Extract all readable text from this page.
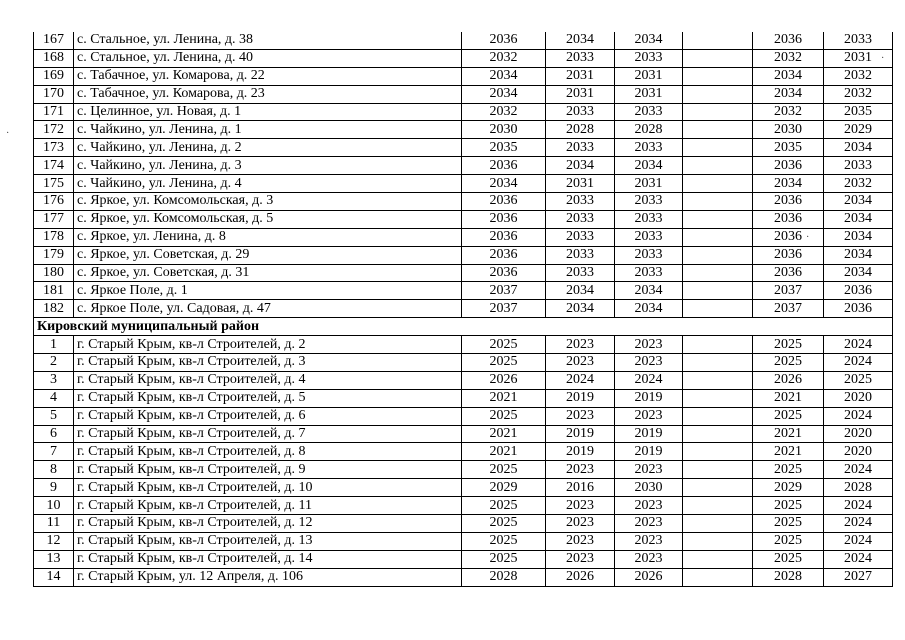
167	с. Стальное, ул. Ленина, д. 38	2036	2034	2034		2036	2033
168	с. Стальное, ул. Ленина, д. 40	2032	2033	2033		2032	2031
169	с. Табачное, ул. Комарова, д. 22	2034	2031	2031		2034	2032
170	с. Табачное, ул. Комарова, д. 23	2034	2031	2031		2034	2032
171	с. Целинное, ул. Новая, д. 1	2032	2033	2033		2032	2035
172	с. Чайкино, ул. Ленина, д. 1	2030	2028	2028		2030	2029
173	с. Чайкино, ул. Ленина, д. 2	2035	2033	2033		2035	2034
174	с. Чайкино, ул. Ленина, д. 3	2036	2034	2034		2036	2033
175	с. Чайкино, ул. Ленина, д. 4	2034	2031	2031		2034	2032
176	с. Яркое, ул. Комсомольская, д. 3	2036	2033	2033		2036	2034
177	с. Яркое, ул. Комсомольская, д. 5	2036	2033	2033		2036	2034
178	с. Яркое, ул. Ленина, д. 8	2036	2033	2033		2036	2034
179	с. Яркое, ул. Советская, д. 29	2036	2033	2033		2036	2034
180	с. Яркое, ул. Советская, д. 31	2036	2033	2033		2036	2034
181	с. Яркое Поле, д. 1	2037	2034	2034		2037	2036
182	с. Яркое Поле, ул. Садовая, д. 47	2037	2034	2034		2037	2036
Кировский муниципальный район							
1	г. Старый Крым, кв-л Строителей, д. 2	2025	2023	2023		2025	2024
2	г. Старый Крым, кв-л Строителей, д. 3	2025	2023	2023		2025	2024
3	г. Старый Крым, кв-л Строителей, д. 4	2026	2024	2024		2026	2025
4	г. Старый Крым, кв-л Строителей, д. 5	2021	2019	2019		2021	2020
5	г. Старый Крым, кв-л Строителей, д. 6	2025	2023	2023		2025	2024
6	г. Старый Крым, кв-л Строителей, д. 7	2021	2019	2019		2021	2020
7	г. Старый Крым, кв-л Строителей, д. 8	2021	2019	2019		2021	2020
8	г. Старый Крым, кв-л Строителей, д. 9	2025	2023	2023		2025	2024
9	г. Старый Крым, кв-л Строителей, д. 10	2029	2016	2030		2029	2028
10	г. Старый Крым, кв-л Строителей, д. 11	2025	2023	2023		2025	2024
11	г. Старый Крым, кв-л Строителей, д. 12	2025	2023	2023		2025	2024
12	г. Старый Крым, кв-л Строителей, д. 13	2025	2023	2023		2025	2024
13	г. Старый Крым, кв-л Строителей, д. 14	2025	2023	2023		2025	2024
14	г. Старый Крым, ул. 12 Апреля, д. 106	2028	2026	2026		2028	2027
·
·
·
